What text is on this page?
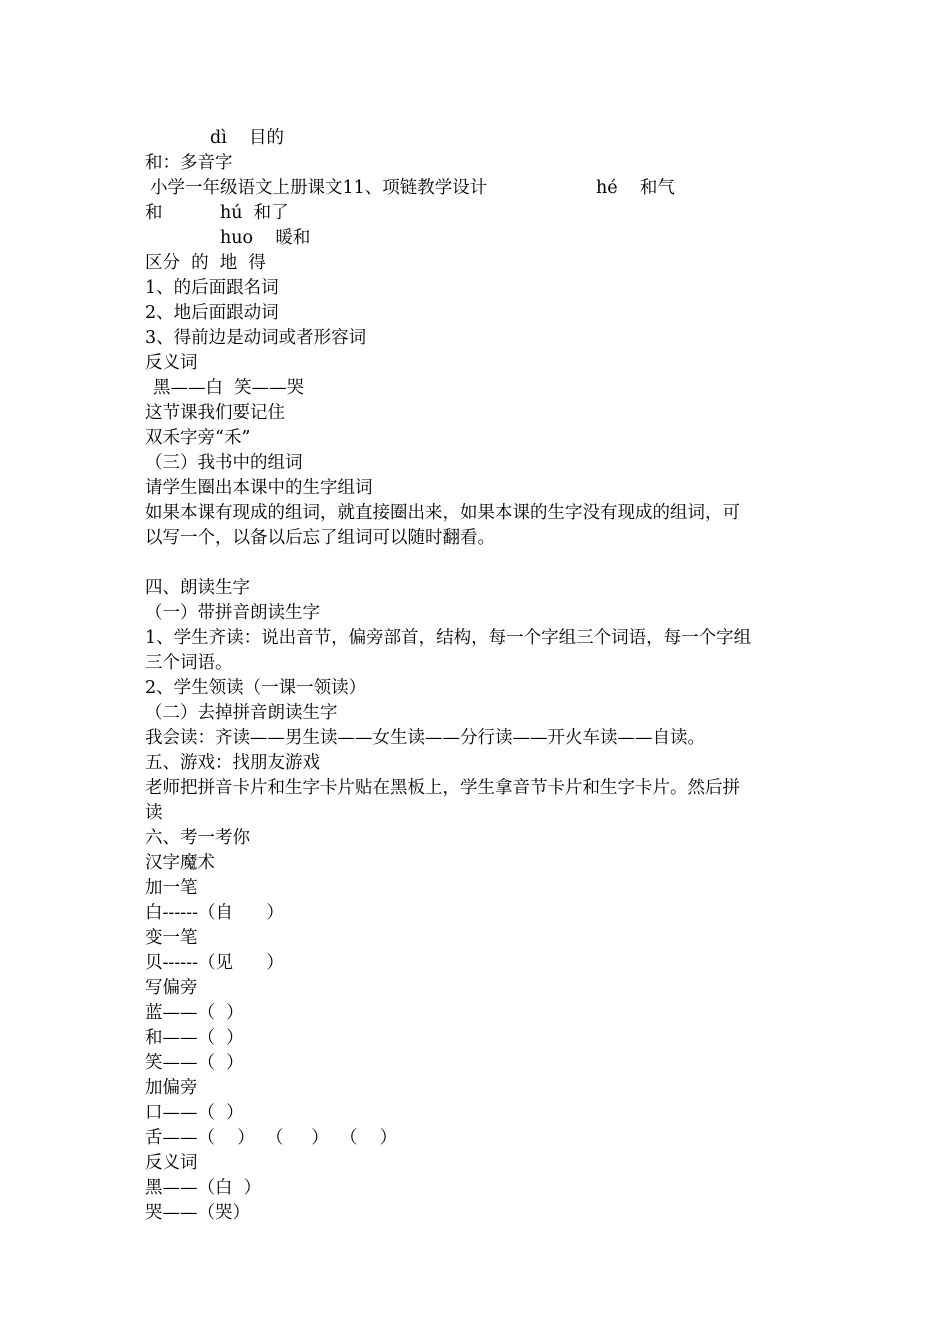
dì    目的

和：多音字

小学一年级语文上册课文11、项链教学设计	hé    和气

和	hú  和了

huo    暖和

区分  的  地  得

1、的后面跟名词

2、地后面跟动词

3、得前边是动词或者形容词

反义词

黑——白  笑——哭

这节课我们要记住

双禾字旁“禾”

（三）我书中的组词

请学生圈出本课中的生字组词

如果本课有现成的组词，就直接圈出来，如果本课的生字没有现成的组词，可

以写一个，以备以后忘了组词可以随时翻看。

四、朗读生字

（一）带拼音朗读生字

1、学生齐读：说出音节，偏旁部首，结构，每一个字组三个词语，每一个字组

三个词语。

2、学生领读（一课一领读）

（二）去掉拼音朗读生字

我会读：齐读——男生读——女生读——分行读——开火车读——自读。

五、游戏：找朋友游戏

老师把拼音卡片和生字卡片贴在黑板上，学生拿音节卡片和生字卡片。然后拼

读

六、考一考你

汉字魔术

加一笔

白------（自      ）

变一笔

贝------（见      ）

写偏旁

蓝——（  ）

和——（  ）

笑——（  ）

加偏旁

口——（  ）

舌——（    ）  （     ）  （    ）

反义词

黑——（白  ）

哭——（哭）
